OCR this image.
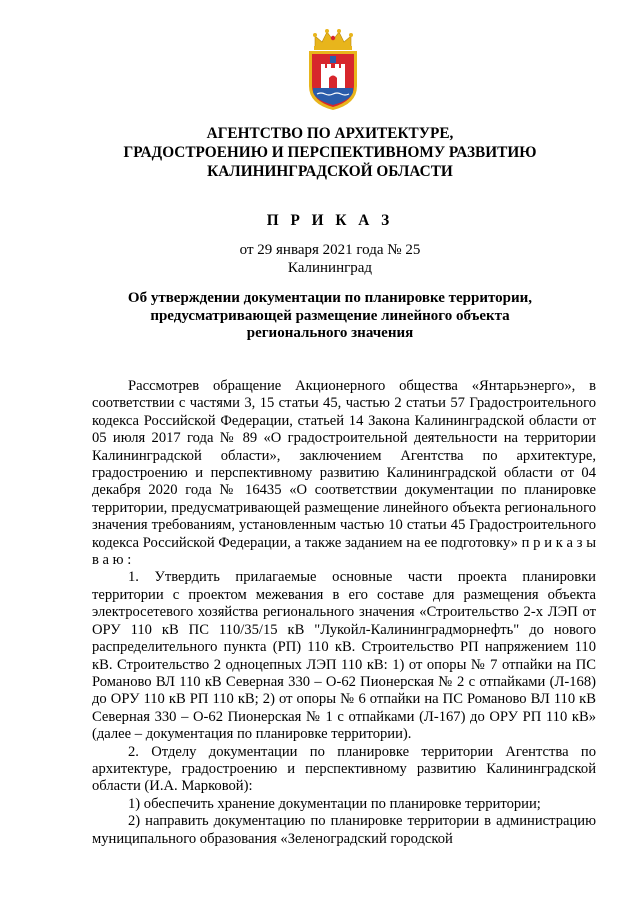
АГЕНТСТВО ПО АРХИТЕКТУРЕ,
ГРАДОСТРОЕНИЮ И ПЕРСПЕКТИВНОМУ РАЗВИТИЮ
КАЛИНИНГРАДСКОЙ ОБЛАСТИ
П Р И К А З
от 29 января 2021 года № 25
Калининград
Об утверждении документации по планировке территории,
предусматривающей размещение линейного объекта
регионального значения

Рассмотрев обращение Акционерного общества «Янтарьэнерго», в соответствии с частями 3, 15 статьи 45, частью 2 статьи 57 Градостроительного кодекса Российской Федерации, статьей 14 Закона Калининградской области от 05 июля 2017 года № 89 «О градостроительной деятельности на территории Калининградской области», заключением Агентства по архитектуре, градостроению и перспективному развитию Калининградской области от 04 декабря 2020 года № 16435 «О соответствии документации по планировке территории, предусматривающей размещение линейного объекта регионального значения требованиям, установленным частью 10 статьи 45 Градостроительного кодекса Российской Федерации, а также заданием на ее подготовку» п р и к а з ы в а ю :

1. Утвердить прилагаемые основные части проекта планировки территории с проектом межевания в его составе для размещения объекта электросетевого хозяйства регионального значения «Строительство 2-х ЛЭП от ОРУ 110 кВ ПС 110/35/15 кВ "Лукойл-Калининградморнефть" до нового распределительного пункта (РП) 110 кВ. Строительство РП напряжением 110 кВ. Строительство 2 одноцепных ЛЭП 110 кВ: 1) от опоры № 7 отпайки на ПС Романово ВЛ 110 кВ Северная 330 – О-62 Пионерская № 2 с отпайками (Л-168) до ОРУ 110 кВ РП 110 кВ; 2) от опоры № 6 отпайки на ПС Романово ВЛ 110 кВ Северная 330 – О-62 Пионерская № 1 с отпайками (Л-167) до ОРУ РП 110 кВ» (далее – документация по планировке территории).

2. Отделу документации по планировке территории Агентства по архитектуре, градостроению и перспективному развитию Калининградской области (И.А. Марковой):

1) обеспечить хранение документации по планировке территории;

2) направить документацию по планировке территории в администрацию муниципального образования «Зеленоградский городской
